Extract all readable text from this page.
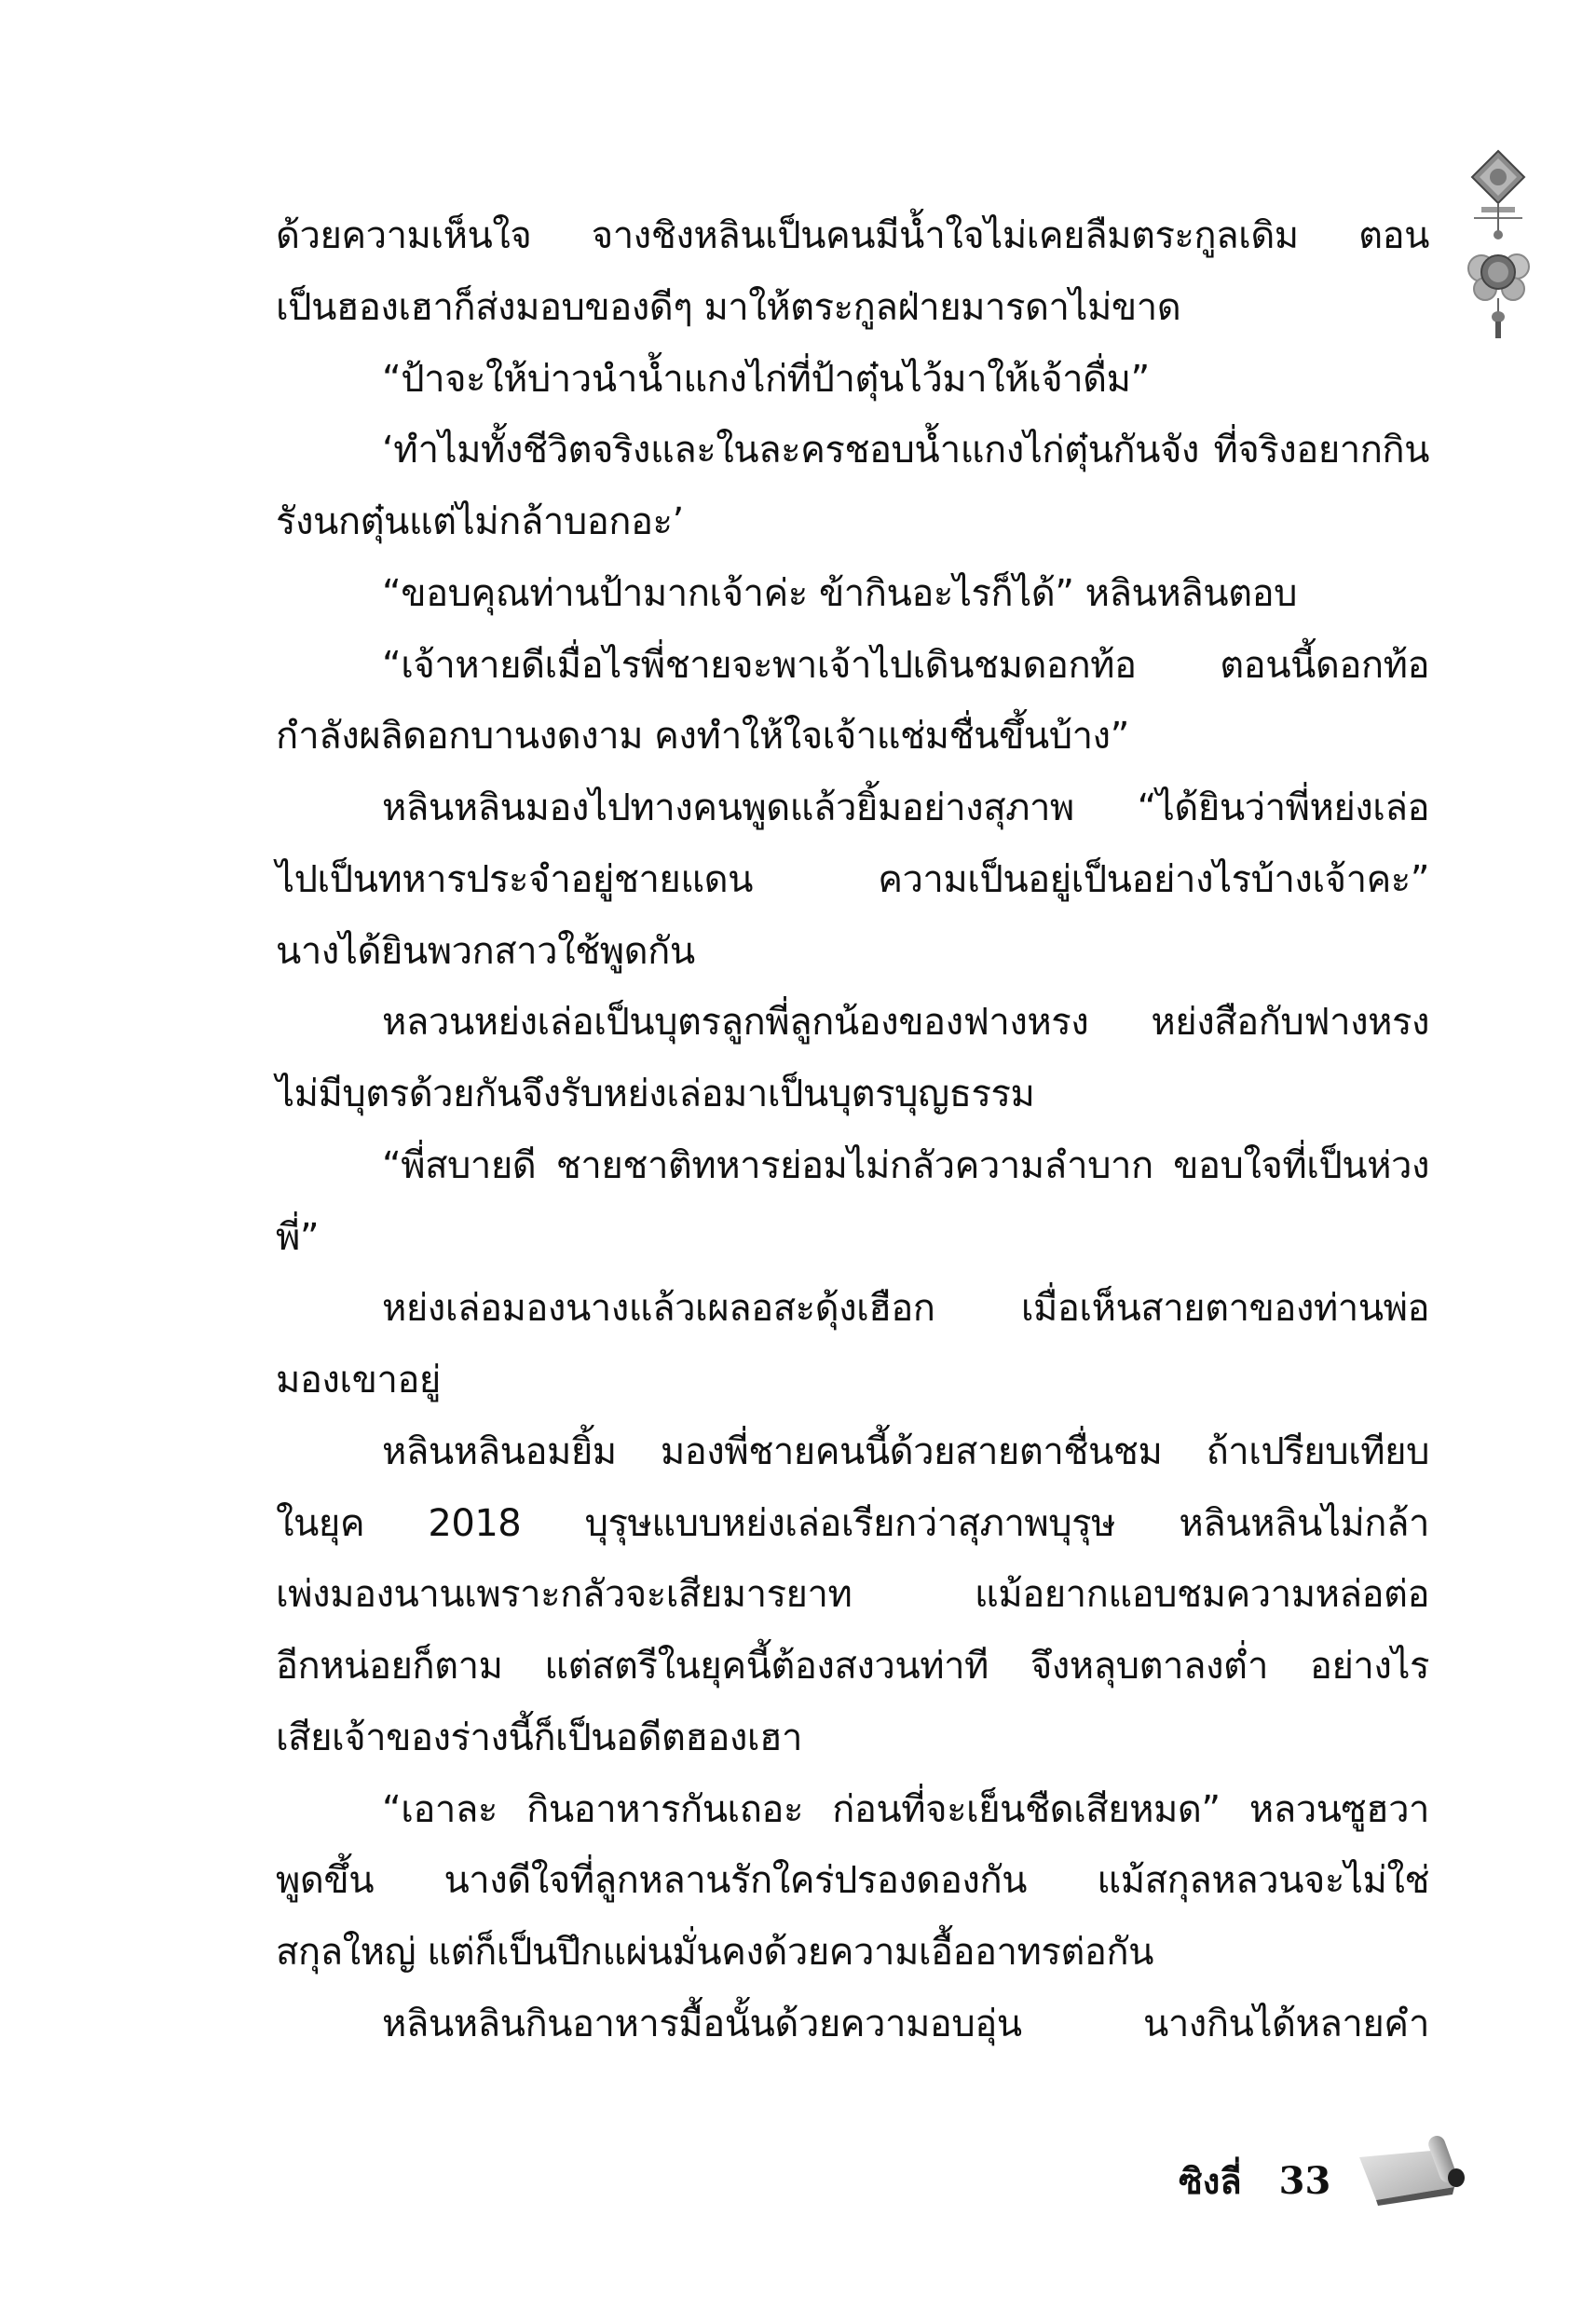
ด้วยความเห็นใจ จางชิงหลินเป็นคนมีน้ำใจไม่เคยลืมตระกูลเดิม ตอน
เป็นฮองเฮาก็ส่งมอบของดีๆ มาให้ตระกูลฝ่ายมารดาไม่ขาด
“ป้าจะให้บ่าวนำน้ำแกงไก่ที่ป้าตุ๋นไว้มาให้เจ้าดื่ม”
‘ทำไมทั้งชีวิตจริงและในละครชอบน้ำแกงไก่ตุ๋นกันจัง ที่จริงอยากกิน
รังนกตุ๋นแต่ไม่กล้าบอกอะ’
“ขอบคุณท่านป้ามากเจ้าค่ะ ข้ากินอะไรก็ได้” หลินหลินตอบ
“เจ้าหายดีเมื่อไรพี่ชายจะพาเจ้าไปเดินชมดอกท้อ ตอนนี้ดอกท้อ
กำลังผลิดอกบานงดงาม คงทำให้ใจเจ้าแช่มชื่นขึ้นบ้าง”
หลินหลินมองไปทางคนพูดแล้วยิ้มอย่างสุภาพ “ได้ยินว่าพี่หย่งเล่อ
ไปเป็นทหารประจำอยู่ชายแดน ความเป็นอยู่เป็นอย่างไรบ้างเจ้าคะ”
นางได้ยินพวกสาวใช้พูดกัน
หลวนหย่งเล่อเป็นบุตรลูกพี่ลูกน้องของฟางหรง หย่งสือกับฟางหรง
ไม่มีบุตรด้วยกันจึงรับหย่งเล่อมาเป็นบุตรบุญธรรม
“พี่สบายดี ชายชาติทหารย่อมไม่กลัวความลำบาก ขอบใจที่เป็นห่วง
พี่”
หย่งเล่อมองนางแล้วเผลอสะดุ้งเฮือก เมื่อเห็นสายตาของท่านพ่อ
มองเขาอยู่
หลินหลินอมยิ้ม มองพี่ชายคนนี้ด้วยสายตาชื่นชม ถ้าเปรียบเทียบ
ในยุค 2018 บุรุษแบบหย่งเล่อเรียกว่าสุภาพบุรุษ หลินหลินไม่กล้า
เพ่งมองนานเพราะกลัวจะเสียมารยาท แม้อยากแอบชมความหล่อต่อ
อีกหน่อยก็ตาม แต่สตรีในยุคนี้ต้องสงวนท่าที จึงหลุบตาลงต่ำ อย่างไร
เสียเจ้าของร่างนี้ก็เป็นอดีตฮองเฮา
“เอาละ กินอาหารกันเถอะ ก่อนที่จะเย็นชืดเสียหมด” หลวนซูฮวา
พูดขึ้น นางดีใจที่ลูกหลานรักใคร่ปรองดองกัน แม้สกุลหลวนจะไม่ใช่
สกุลใหญ่ แต่ก็เป็นปึกแผ่นมั่นคงด้วยความเอื้ออาทรต่อกัน
หลินหลินกินอาหารมื้อนั้นด้วยความอบอุ่น นางกินได้หลายคำ
ซิงลี่ 33
